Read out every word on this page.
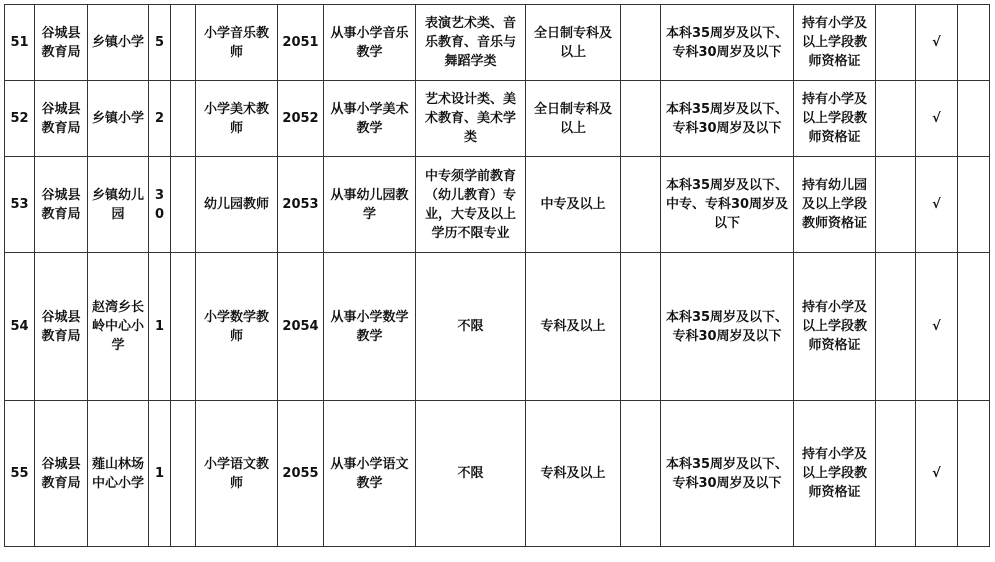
51	谷城县教育局	乡镇小学	5		小学音乐教师	2051	从事小学音乐教学	表演艺术类、音乐教育、音乐与舞蹈学类	全日制专科及以上		本科35周岁及以下、专科30周岁及以下	持有小学及以上学段教师资格证		√	
52	谷城县教育局	乡镇小学	2		小学美术教师	2052	从事小学美术教学	艺术设计类、美术教育、美术学类	全日制专科及以上		本科35周岁及以下、专科30周岁及以下	持有小学及以上学段教师资格证		√	
53	谷城县教育局	乡镇幼儿园	30		幼儿园教师	2053	从事幼儿园教学	中专须学前教育（幼儿教育）专业，大专及以上学历不限专业	中专及以上		本科35周岁及以下、中专、专科30周岁及以下	持有幼儿园及以上学段教师资格证		√	
54	谷城县教育局	赵湾乡长岭中心小学	1		小学数学教师	2054	从事小学数学教学	不限	专科及以上		本科35周岁及以下、专科30周岁及以下	持有小学及以上学段教师资格证		√	
55	谷城县教育局	薤山林场中心小学	1		小学语文教师	2055	从事小学语文教学	不限	专科及以上		本科35周岁及以下、专科30周岁及以下	持有小学及以上学段教师资格证		√	
